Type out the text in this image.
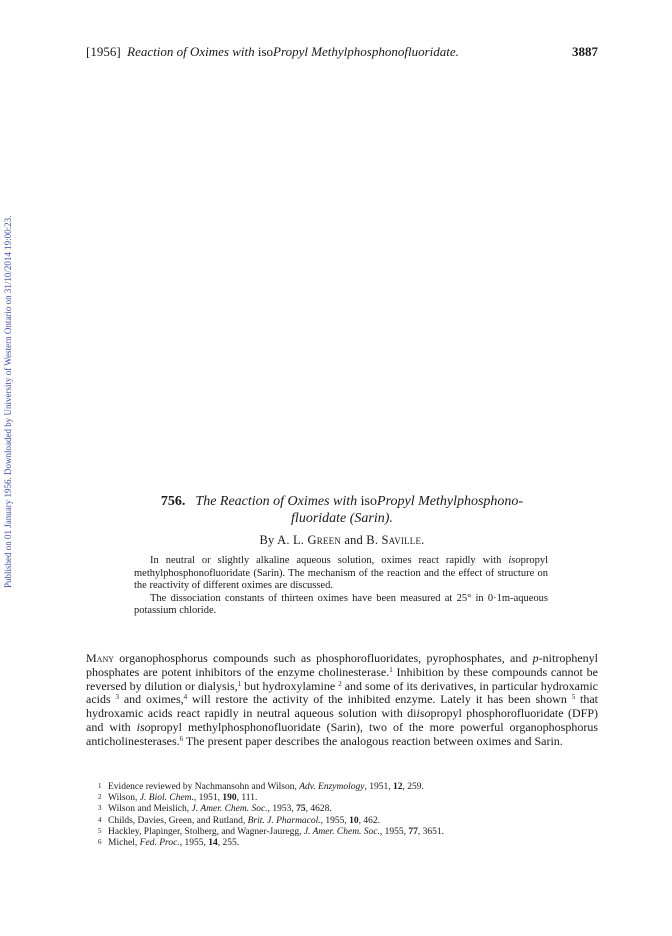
Published on 01 January 1956. Downloaded by University of Western Ontario on 31/10/2014 19:00:23.
[1956] Reaction of Oximes with isoPropyl Methylphosphonofluoridate.	3887
756. The Reaction of Oximes with isoPropyl Methylphosphono-
fluoridate (Sarin).
By A. L. Green and B. Saville.

In neutral or slightly alkaline aqueous solution, oximes react rapidly with isopropyl methylphosphonofluoridate (Sarin). The mechanism of the reaction and the effect of structure on the reactivity of different oximes are discussed.

The dissociation constants of thirteen oximes have been measured at 25° in 0·1m-aqueous potassium chloride.

Many organophosphorus compounds such as phosphorofluoridates, pyrophosphates, and p-nitrophenyl phosphates are potent inhibitors of the enzyme cholinesterase.$^1$ Inhibition by these compounds cannot be reversed by dilution or dialysis,$^1$ but hydroxylamine $^2$ and some of its derivatives, in particular hydroxamic acids $^3$ and oximes,$^4$ will restore the activity of the inhibited enzyme. Lately it has been shown $^5$ that hydroxamic acids react rapidly in neutral aqueous solution with diisopropyl phosphorofluoridate (DFP) and with isopropyl methylphosphonofluoridate (Sarin), two of the more powerful organophosphorus anticholinesterases.$^6$ The present paper describes the analogous reaction between oximes and Sarin.

1 Evidence reviewed by Nachmansohn and Wilson, Adv. Enzymology, 1951, 12, 259.
2 Wilson, J. Biol. Chem., 1951, 190, 111.
3 Wilson and Meislich, J. Amer. Chem. Soc., 1953, 75, 4628.
4 Childs, Davies, Green, and Rutland, Brit. J. Pharmacol., 1955, 10, 462.
5 Hackley, Plapinger, Stolberg, and Wagner-Jauregg, J. Amer. Chem. Soc., 1955, 77, 3651.
6 Michel, Fed. Proc., 1955, 14, 255.
